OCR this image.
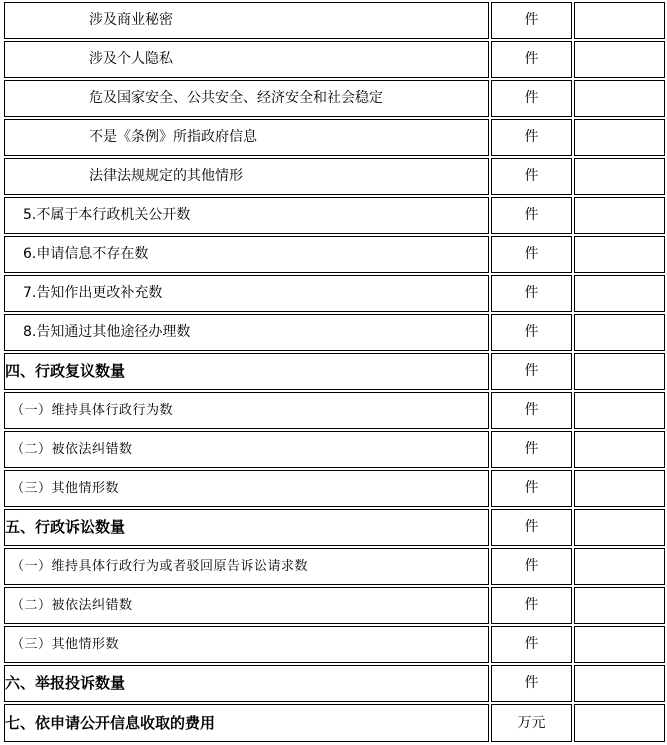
涉及商业秘密	件	
涉及个人隐私	件	
危及国家安全、公共安全、经济安全和社会稳定	件	
不是《条例》所指政府信息	件	
法律法规规定的其他情形	件	
5.不属于本行政机关公开数	件	
6.申请信息不存在数	件	
7.告知作出更改补充数	件	
8.告知通过其他途径办理数	件	
四、行政复议数量	件	
（一）维持具体行政行为数	件	
（二）被依法纠错数	件	
（三）其他情形数	件	
五、行政诉讼数量	件	
（一）维持具体行政行为或者驳回原告诉讼请求数	件	
（二）被依法纠错数	件	
（三）其他情形数	件	
六、举报投诉数量	件	
七、依申请公开信息收取的费用	万元	
